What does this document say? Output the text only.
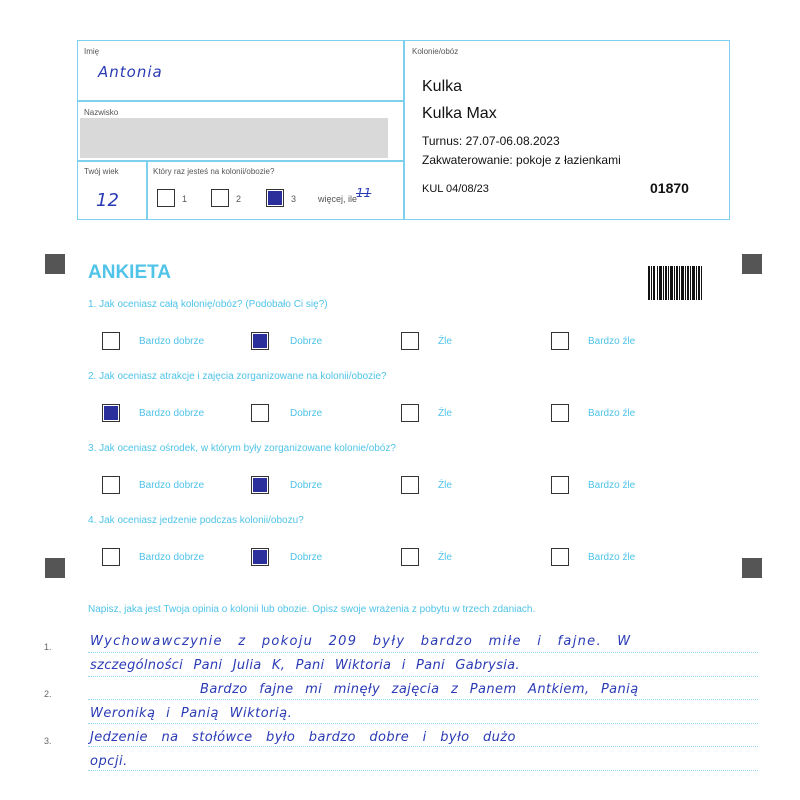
Imię
Antonia
Nazwisko
Twój wiek
12
Który raz jesteś na kolonii/obozie?
1	2	3 więcej, ile
11
Kolonie/obóz
Kulka
Kulka Max
Turnus: 27.07-06.08.2023
Zakwaterowanie: pokoje z łazienkami
KUL 04/08/23	01870
ANKIETA
1. Jak oceniasz całą kolonię/obóz? (Podobało Ci się?)
Bardzo dobrze	Dobrze	Źle	Bardzo źle
2. Jak oceniasz atrakcje i zajęcia zorganizowane na kolonii/obozie?
Bardzo dobrze	Dobrze	Źle	Bardzo źle
3. Jak oceniasz ośrodek, w którym były zorganizowane kolonie/obóz?
Bardzo dobrze	Dobrze	Źle	Bardzo źle
4. Jak oceniasz jedzenie podczas kolonii/obozu?
Bardzo dobrze	Dobrze	Źle	Bardzo źle
Napisz, jaka jest Twoja opinia o kolonii lub obozie. Opisz swoje wrażenia z pobytu w trzech zdaniach.
1.
2.
3.
Wychowawczynie z pokoju 209 były bardzo miłe i fajne. W
szczególności Pani Julia K, Pani Wiktoria i Pani Gabrysia.
Bardzo fajne mi minęły zajęcia z Panem Antkiem, Panią
Weroniką i Panią Wiktorią.
Jedzenie na stołówce było bardzo dobre i było dużo
opcji.
